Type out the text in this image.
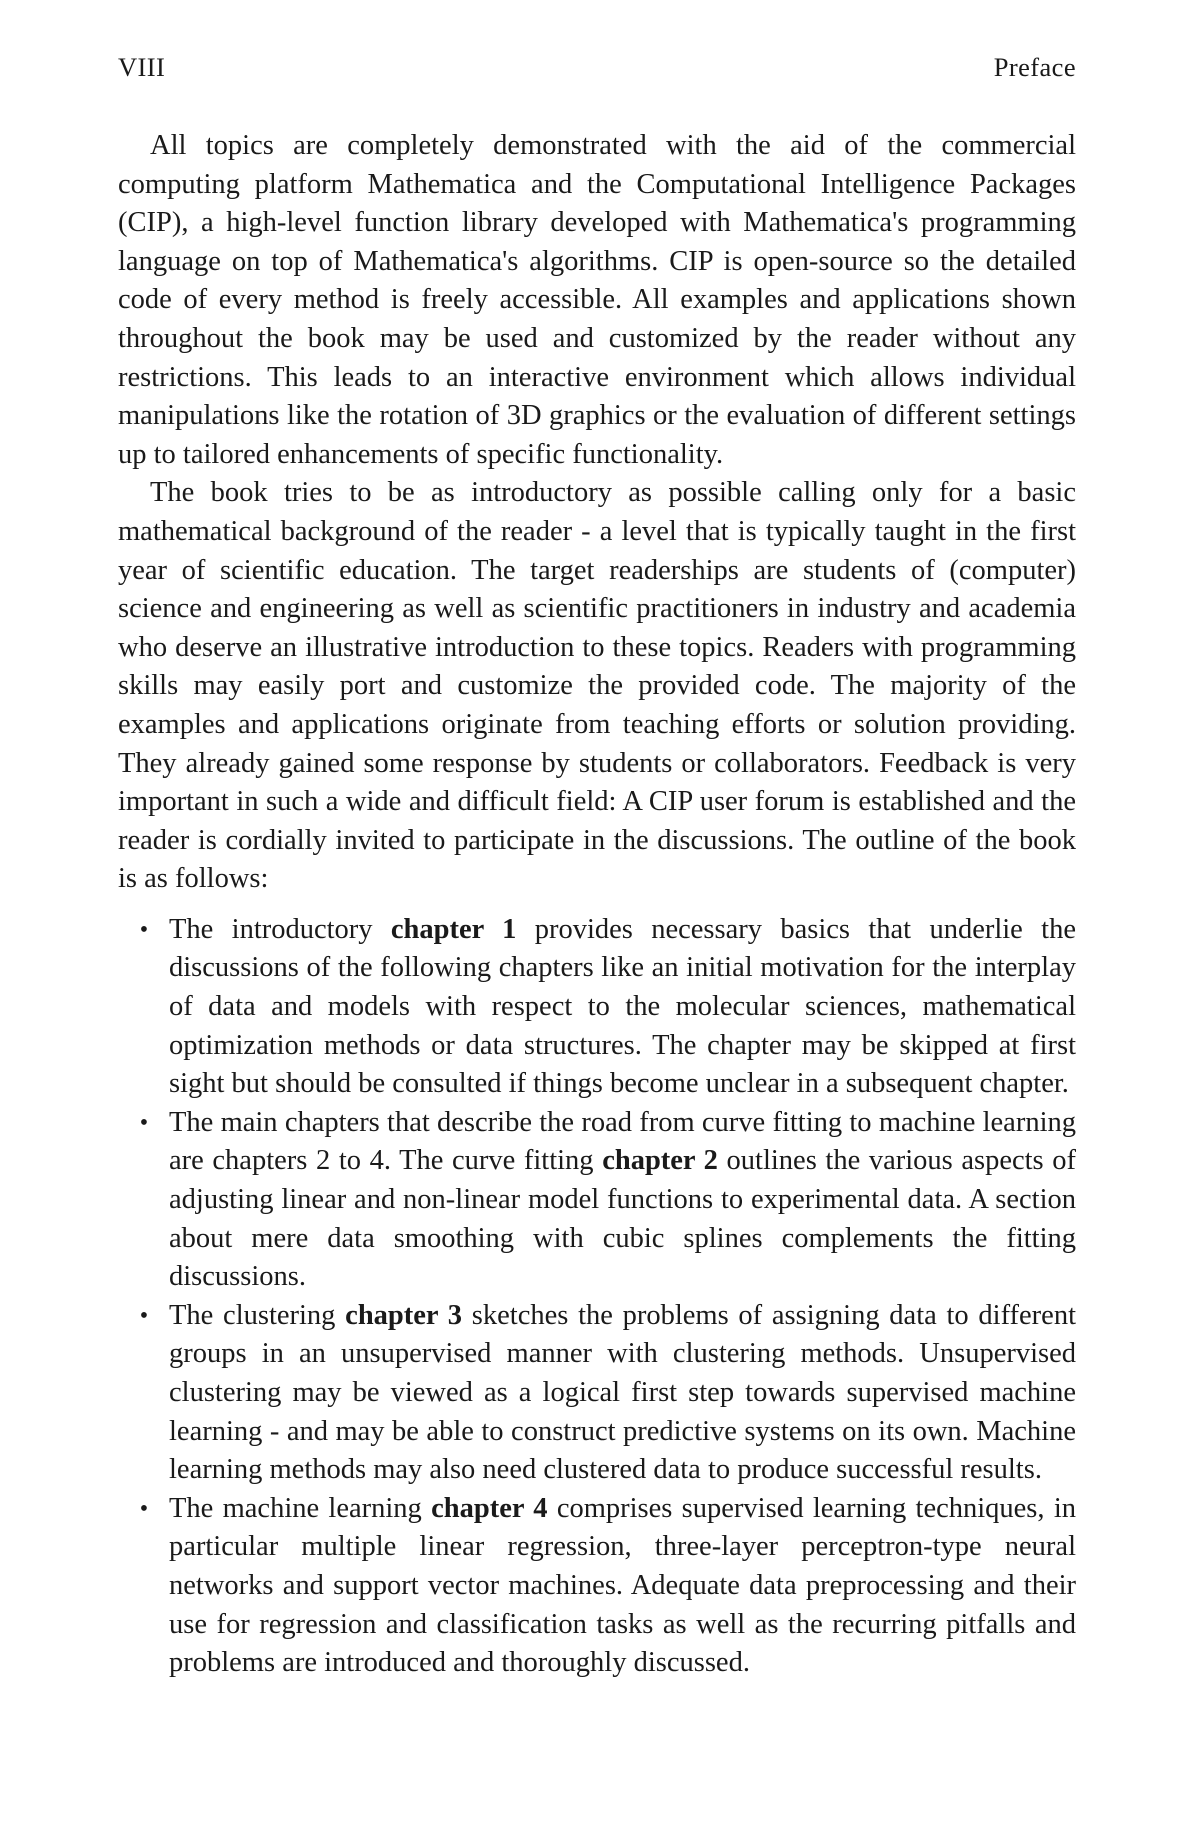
VIII	Preface

All topics are completely demonstrated with the aid of the commercial computing platform Mathematica and the Computational Intelligence Packages (CIP), a high-level function library developed with Mathematica's programming language on top of Mathematica's algorithms. CIP is open-source so the detailed code of every method is freely accessible. All examples and applications shown throughout the book may be used and customized by the reader without any restrictions. This leads to an interactive environment which allows individual manipulations like the rotation of 3D graphics or the evaluation of different settings up to tailored enhancements of specific functionality.

The book tries to be as introductory as possible calling only for a basic mathematical background of the reader - a level that is typically taught in the first year of scientific education. The target readerships are students of (computer) science and engineering as well as scientific practitioners in industry and academia who deserve an illustrative introduction to these topics. Readers with programming skills may easily port and customize the provided code. The majority of the examples and applications originate from teaching efforts or solution providing. They already gained some response by students or collaborators. Feedback is very important in such a wide and difficult field: A CIP user forum is established and the reader is cordially invited to participate in the discussions. The outline of the book is as follows:

• The introductory chapter 1 provides necessary basics that underlie the discussions of the following chapters like an initial motivation for the interplay of data and models with respect to the molecular sciences, mathematical optimization methods or data structures. The chapter may be skipped at first sight but should be consulted if things become unclear in a subsequent chapter.
• The main chapters that describe the road from curve fitting to machine learning are chapters 2 to 4. The curve fitting chapter 2 outlines the various aspects of adjusting linear and non-linear model functions to experimental data. A section about mere data smoothing with cubic splines complements the fitting discussions.
• The clustering chapter 3 sketches the problems of assigning data to different groups in an unsupervised manner with clustering methods. Unsupervised clustering may be viewed as a logical first step towards supervised machine learning - and may be able to construct predictive systems on its own. Machine learning methods may also need clustered data to produce successful results.
• The machine learning chapter 4 comprises supervised learning techniques, in particular multiple linear regression, three-layer perceptron-type neural networks and support vector machines. Adequate data preprocessing and their use for regression and classification tasks as well as the recurring pitfalls and problems are introduced and thoroughly discussed.
